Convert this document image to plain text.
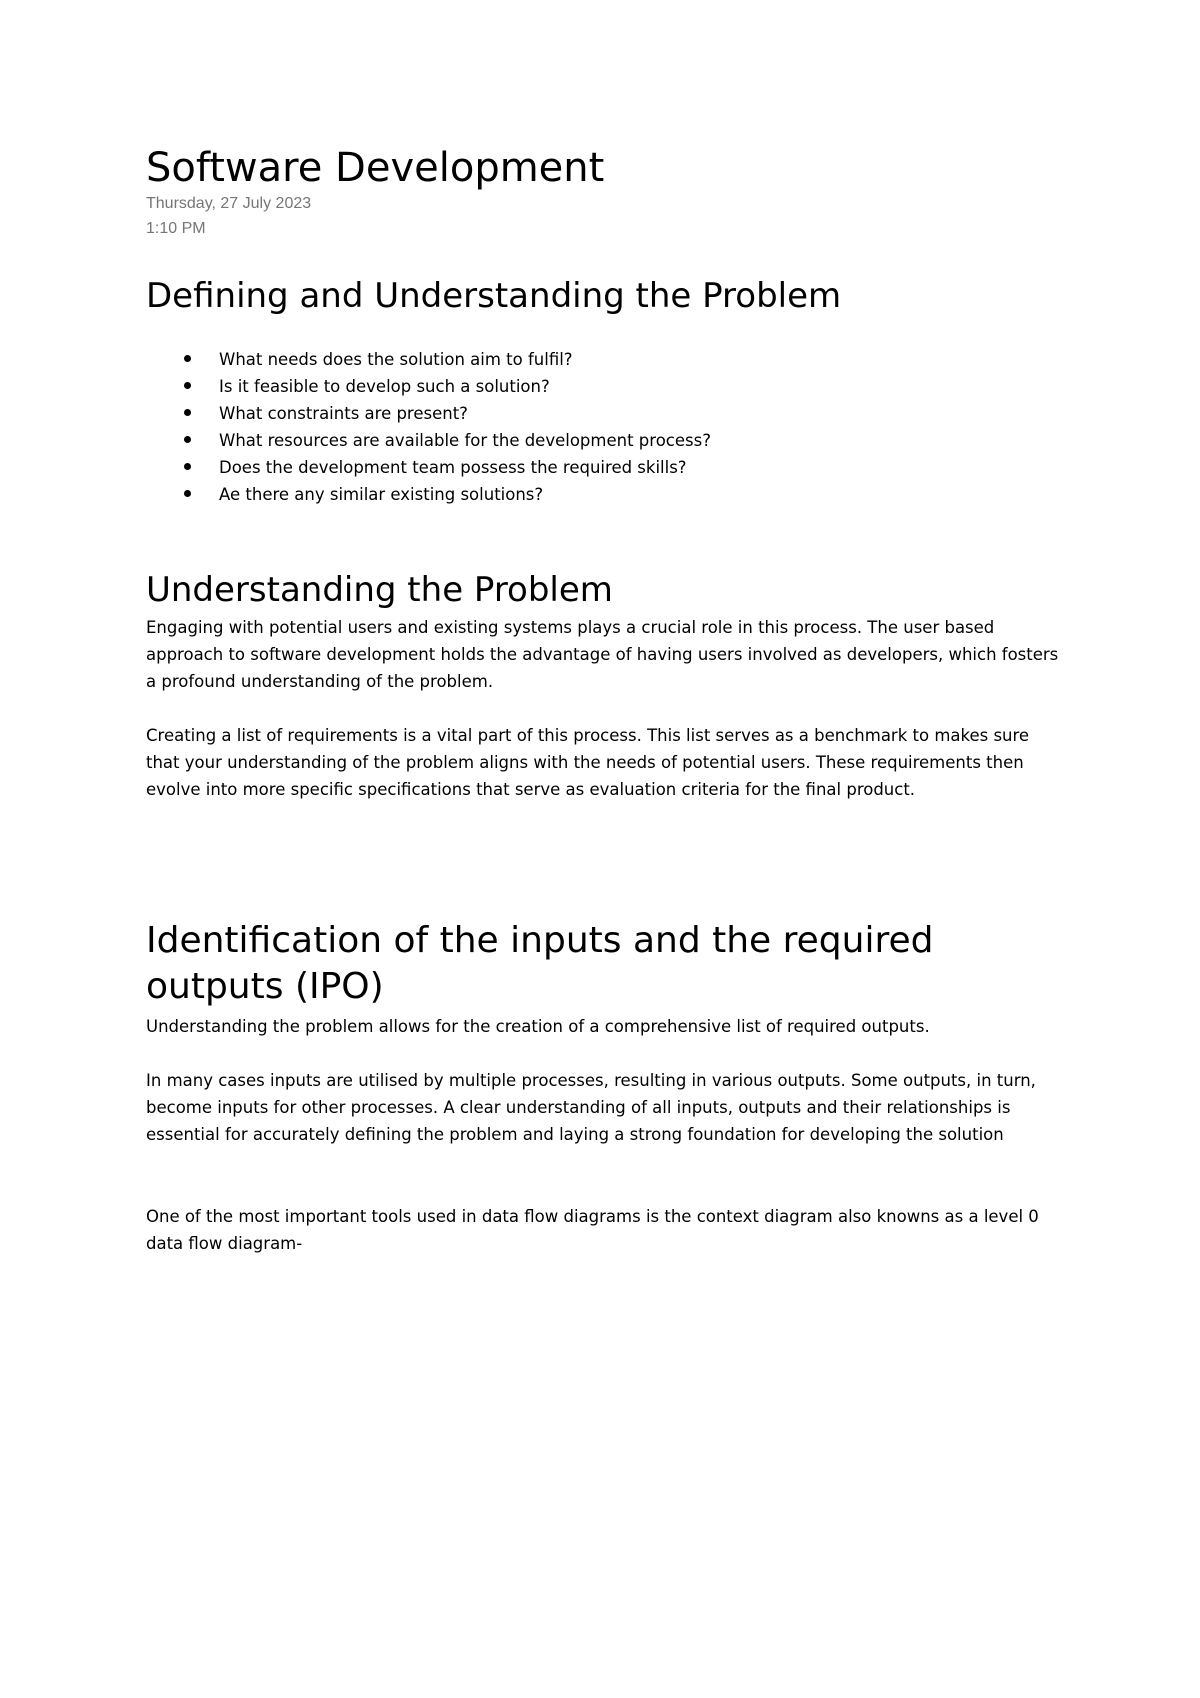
Software Development
Thursday, 27 July 2023
1:10 PM
Defining and Understanding the Problem
What needs does the solution aim to fulfil?
Is it feasible to develop such a solution?
What constraints are present?
What resources are available for the development process?
Does the development team possess the required skills?
Ae there any similar existing solutions?
Understanding the Problem

Engaging with potential users and existing systems plays a crucial role in this process. The user based approach to software development holds the advantage of having users involved as developers, which fosters a profound understanding of the problem.

Creating a list of requirements is a vital part of this process. This list serves as a benchmark to makes sure that your understanding of the problem aligns with the needs of potential users. These requirements then evolve into more specific specifications that serve as evaluation criteria for the final product.

Identification of the inputs and the required outputs (IPO)

Understanding the problem allows for the creation of a comprehensive list of required outputs.

In many cases inputs are utilised by multiple processes, resulting in various outputs. Some outputs, in turn, become inputs for other processes. A clear understanding of all inputs, outputs and their relationships is essential for accurately defining the problem and laying a strong foundation for developing the solution

One of the most important tools used in data flow diagrams is the context diagram also knowns as a level 0 data flow diagram-
